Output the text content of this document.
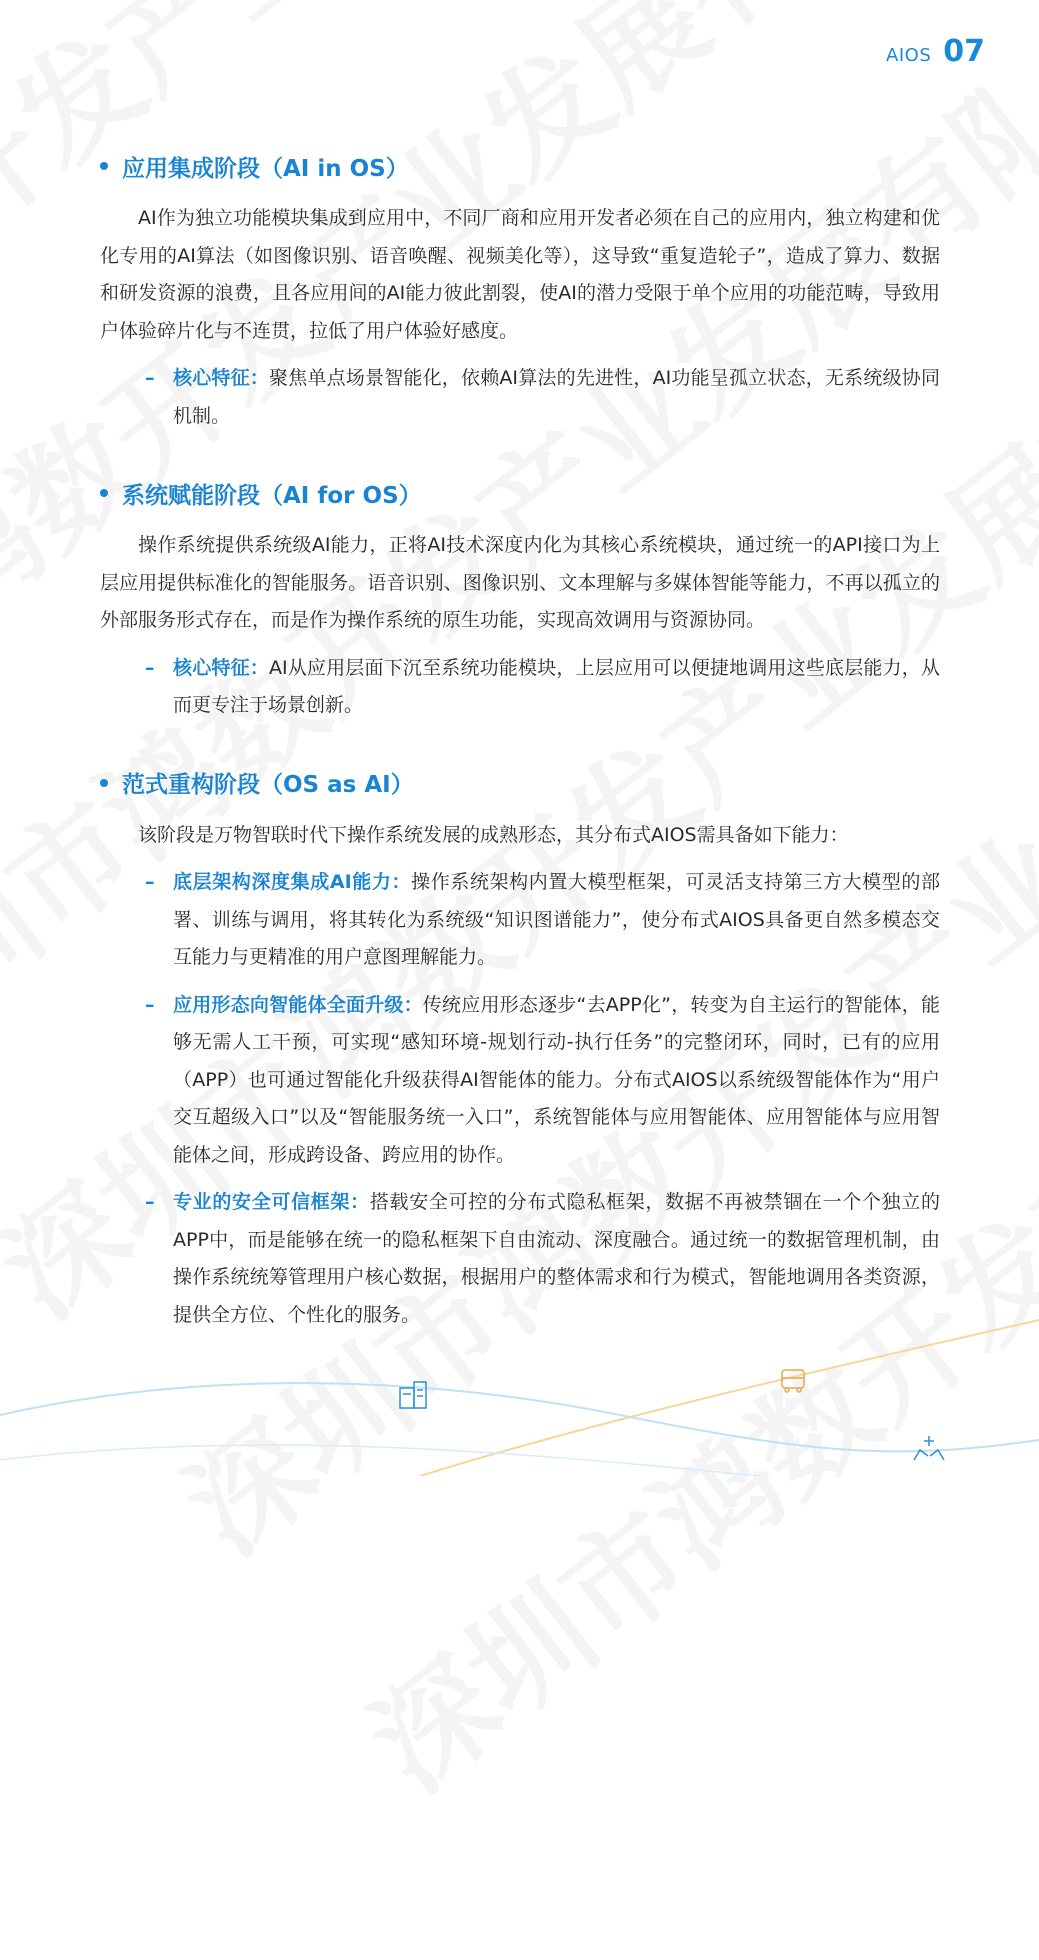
AIOS 07
应用集成阶段（AI in OS）

AI作为独立功能模块集成到应用中，不同厂商和应用开发者必须在自己的应用内，独立构建和优化专用的AI算法（如图像识别、语音唤醒、视频美化等），这导致“重复造轮子”，造成了算力、数据和研发资源的浪费，且各应用间的AI能力彼此割裂，使AI的潜力受限于单个应用的功能范畴，导致用户体验碎片化与不连贯，拉低了用户体验好感度。

– 核心特征：聚焦单点场景智能化，依赖AI算法的先进性，AI功能呈孤立状态，无系统级协同机制。
系统赋能阶段（AI for OS）

操作系统提供系统级AI能力，正将AI技术深度内化为其核心系统模块，通过统一的API接口为上层应用提供标准化的智能服务。语音识别、图像识别、文本理解与多媒体智能等能力，不再以孤立的外部服务形式存在，而是作为操作系统的原生功能，实现高效调用与资源协同。

– 核心特征：AI从应用层面下沉至系统功能模块，上层应用可以便捷地调用这些底层能力，从而更专注于场景创新。
范式重构阶段（OS as AI）

该阶段是万物智联时代下操作系统发展的成熟形态，其分布式AIOS需具备如下能力：

– 底层架构深度集成AI能力：操作系统架构内置大模型框架，可灵活支持第三方大模型的部署、训练与调用，将其转化为系统级“知识图谱能力”，使分布式AIOS具备更自然多模态交互能力与更精准的用户意图理解能力。
– 应用形态向智能体全面升级：传统应用形态逐步“去APP化”，转变为自主运行的智能体，能够无需人工干预，可实现“感知环境-规划行动-执行任务”的完整闭环，同时，已有的应用（APP）也可通过智能化升级获得AI智能体的能力。分布式AIOS以系统级智能体作为“用户交互超级入口”以及“智能服务统一入口”，系统智能体与应用智能体、应用智能体与应用智能体之间，形成跨设备、跨应用的协作。
– 专业的安全可信框架：搭载安全可控的分布式隐私框架，数据不再被禁锢在一个个独立的APP中，而是能够在统一的隐私框架下自由流动、深度融合。通过统一的数据管理机制，由操作系统统筹管理用户核心数据，根据用户的整体需求和行为模式，智能地调用各类资源，提供全方位、个性化的服务。
